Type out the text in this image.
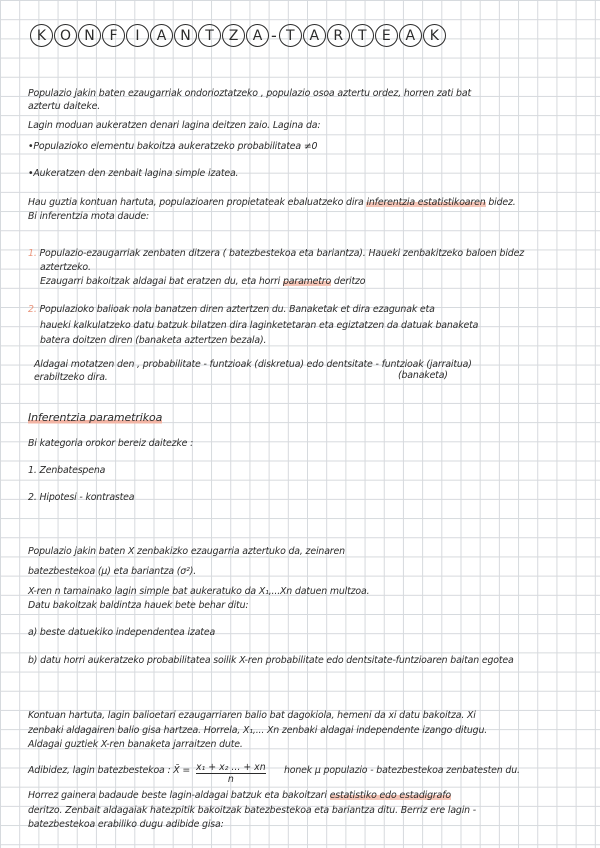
K O N	F	I	A N	T	Z	A - T	A	R	T	E	A	K
Populazio jakin baten ezaugarriak ondorioztatzeko , populazio osoa aztertu ordez, horren zati bat
aztertu daiteke.
Lagin moduan aukeratzen denari lagina deitzen zaio. Lagina da:
•Populazioko elementu bakoitza aukeratzeko probabilitatea ≠0
•Aukeratzen den zenbait lagina simple izatea.
Hau guztia kontuan hartuta, populazioaren propietateak ebaluatzeko dira inferentzia estatistikoaren bidez.
Bi inferentzia mota daude:
1. Populazio-ezaugarriak zenbaten ditzera ( batezbestekoa eta bariantza). Haueki zenbakitzeko baloen bidez
aztertzeko.
Ezaugarri bakoitzak aldagai bat eratzen du, eta horri parametro deritzo
2. Populazioko balioak nola banatzen diren aztertzen du. Banaketak et dira ezagunak eta
haueki kalkulatzeko datu batzuk bilatzen dira laginketetaran eta egiztatzen da datuak banaketa
batera doitzen diren (banaketa aztertzen bezala).
Aldagai motatzen den , probabilitate - funtzioak (diskretua) edo dentsitate - funtzioak (jarraitua)
erabiltzeko dira.	(banaketa)
Inferentzia parametrikoa
Bi kategoria orokor bereiz daitezke :
1. Zenbatespena
2. Hipotesi - kontrastea
Populazio jakin baten X zenbakizko ezaugarria aztertuko da, zeinaren
batezbestekoa (μ) eta bariantza (σ²).
X-ren n tamainako lagin simple bat aukeratuko da X₁,...Xn datuen multzoa.
Datu bakoitzak baldintza hauek bete behar ditu:
a) beste datuekiko independentea izatea
b) datu horri aukeratzeko probabilitatea soilik X-ren probabilitate edo dentsitate-funtzioaren baitan egotea
Kontuan hartuta, lagin balioetari ezaugarriaren balio bat dagokiola, hemeni da xi datu bakoitza. Xi
zenbaki aldagairen balio gisa hartzea. Horrela, X₁,... Xn zenbaki aldagai independente izango ditugu.
Aldagai guztiek X-ren banaketa jarraitzen dute.
Adibidez, lagin batezbestekoa : X̄ = $\frac{\text{x₁ + x₂ ... + xn}}{n}$ honek μ populazio - batezbestekoa zenbatesten du.
Horrez gainera badaude beste lagin-aldagai batzuk eta bakoitzari estatistiko edo estadigrafo
deritzo. Zenbait aldagaiak hatezpitik bakoitzak batezbestekoa eta bariantza ditu. Berriz ere lagin -
batezbestekoa erabiliko dugu adibide gisa:
